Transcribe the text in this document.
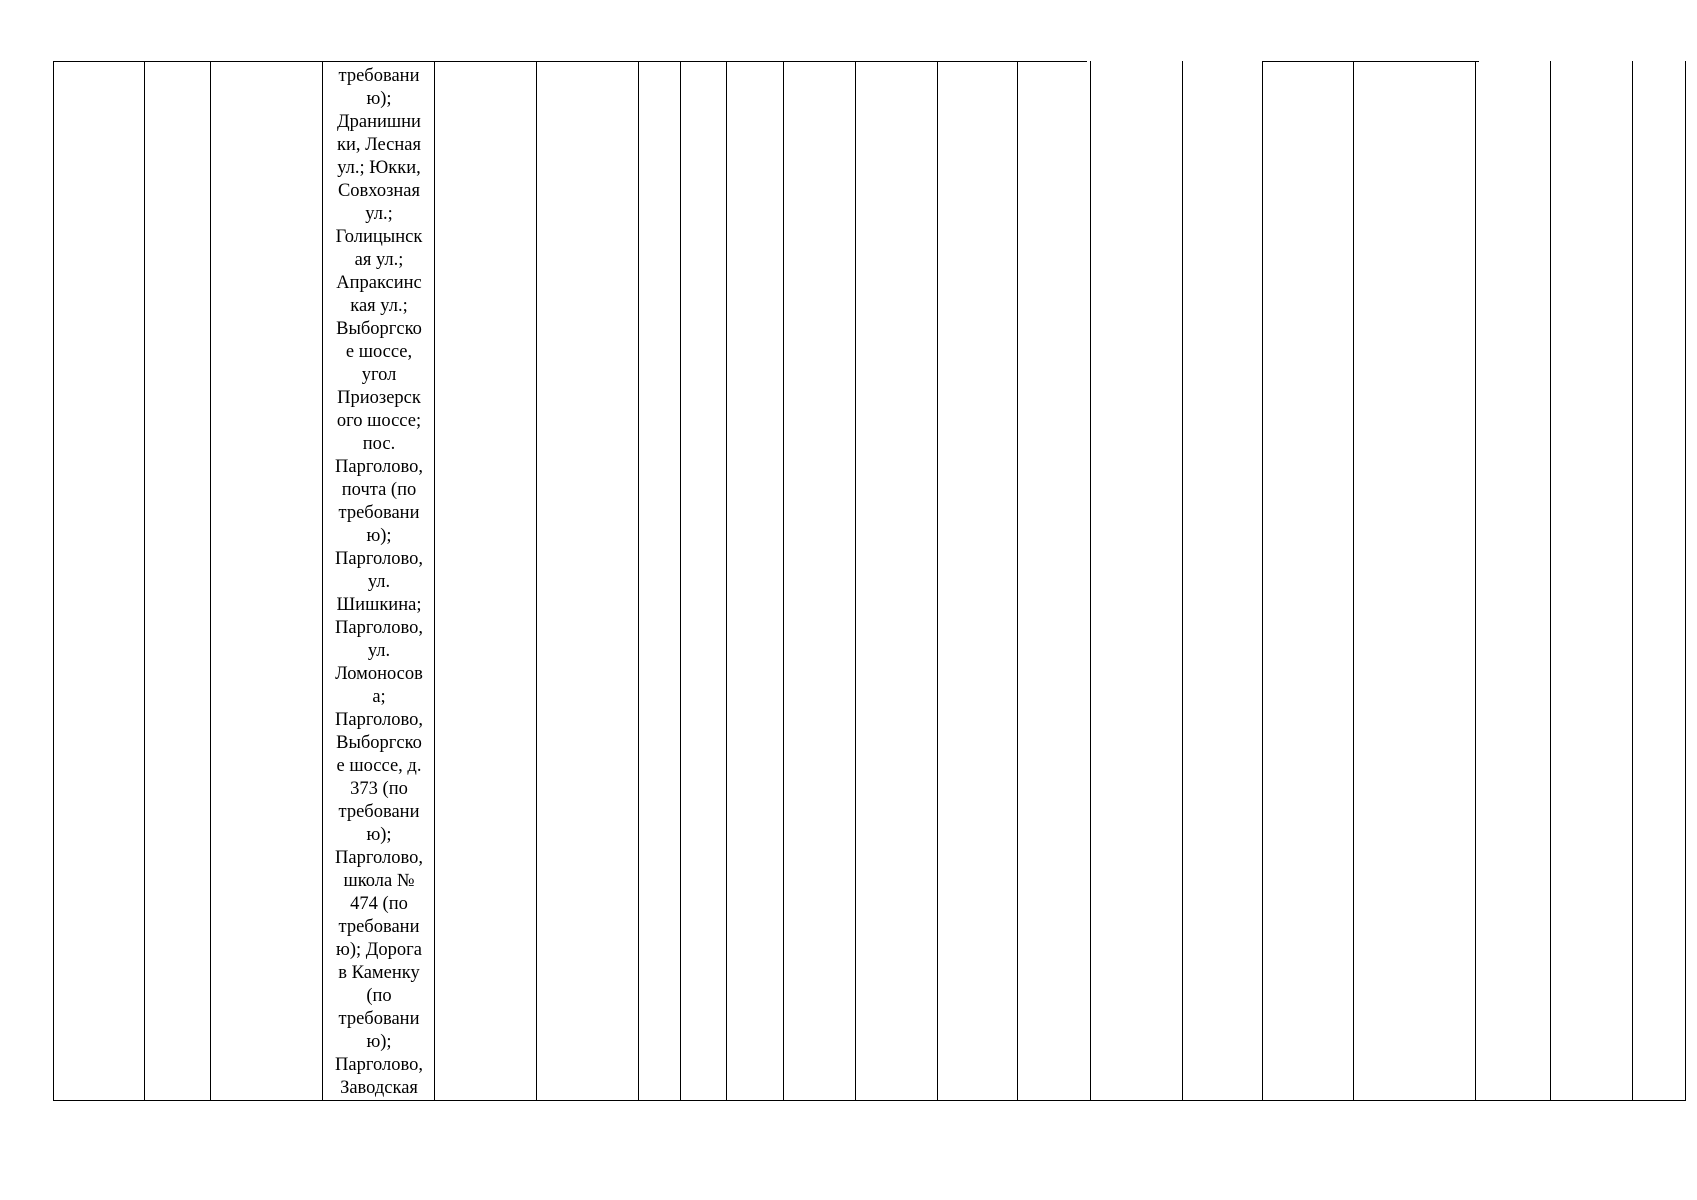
требовани
ю);
Дранишни
ки, Лесная
ул.; Юкки,
Совхозная
ул.;
Голицынск
ая ул.;
Апраксинс
кая ул.;
Выборгско
е шоссе,
угол
Приозерск
ого шоссе;
пос.
Парголово,
почта (по
требовани
ю);
Парголово,
ул.
Шишкина;
Парголово,
ул.
Ломоносов
а;
Парголово,
Выборгско
е шоссе, д.
373 (по
требовани
ю);
Парголово,
школа №
474 (по
требовани
ю); Дорога
в Каменку
(по
требовани
ю);
Парголово,
Заводская
